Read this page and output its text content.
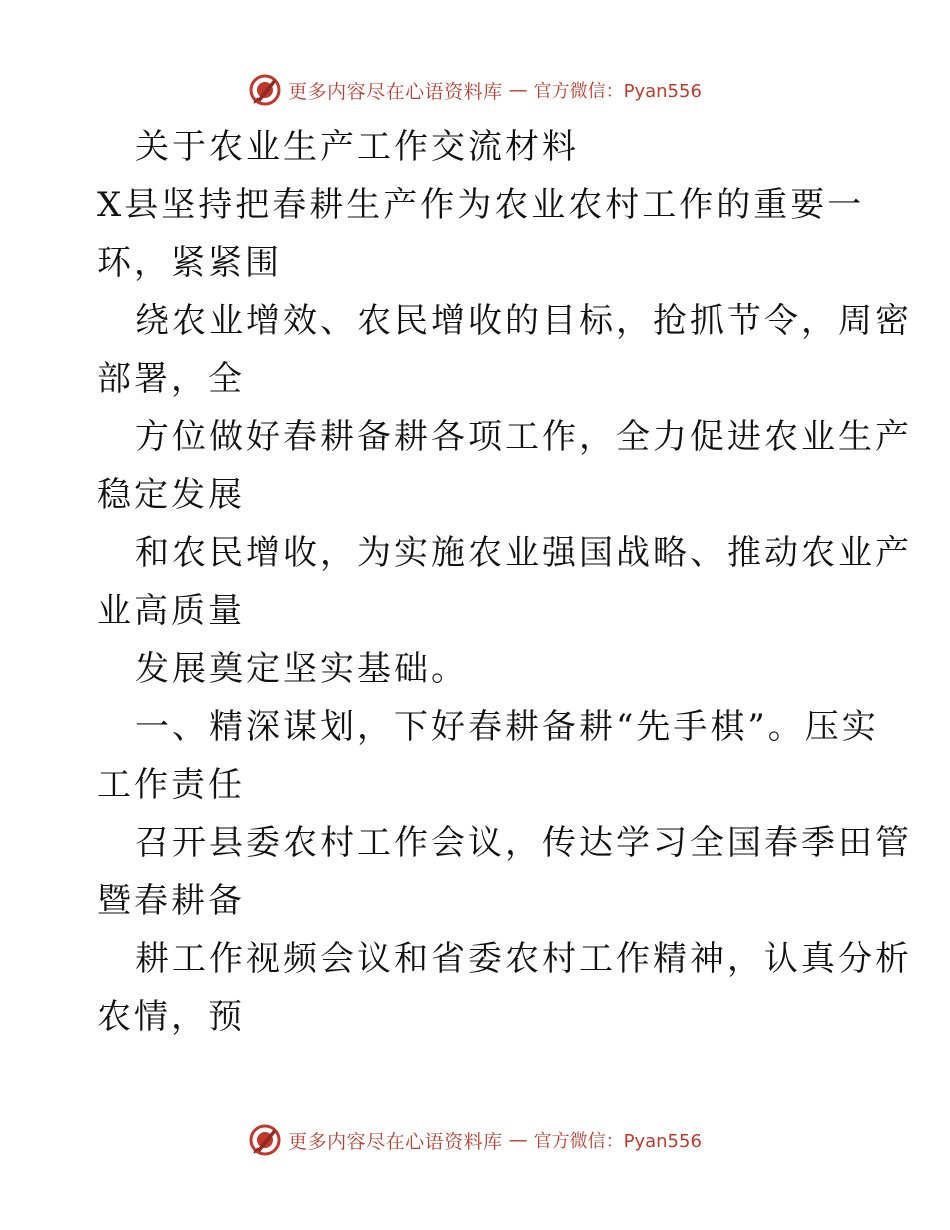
更多内容尽在心语资料库 — 官方微信：Pyan556
关于农业生产工作交流材料
X县坚持把春耕生产作为农业农村工作的重要一
环，紧紧围
绕农业增效、农民增收的目标，抢抓节令，周密
部署，全
方位做好春耕备耕各项工作，全力促进农业生产
稳定发展
和农民增收，为实施农业强国战略、推动农业产
业高质量
发展奠定坚实基础。
一、精深谋划，下好春耕备耕“先手棋”。压实
工作责任
召开县委农村工作会议，传达学习全国春季田管
暨春耕备
耕工作视频会议和省委农村工作精神，认真分析
农情，预
更多内容尽在心语资料库 — 官方微信：Pyan556
